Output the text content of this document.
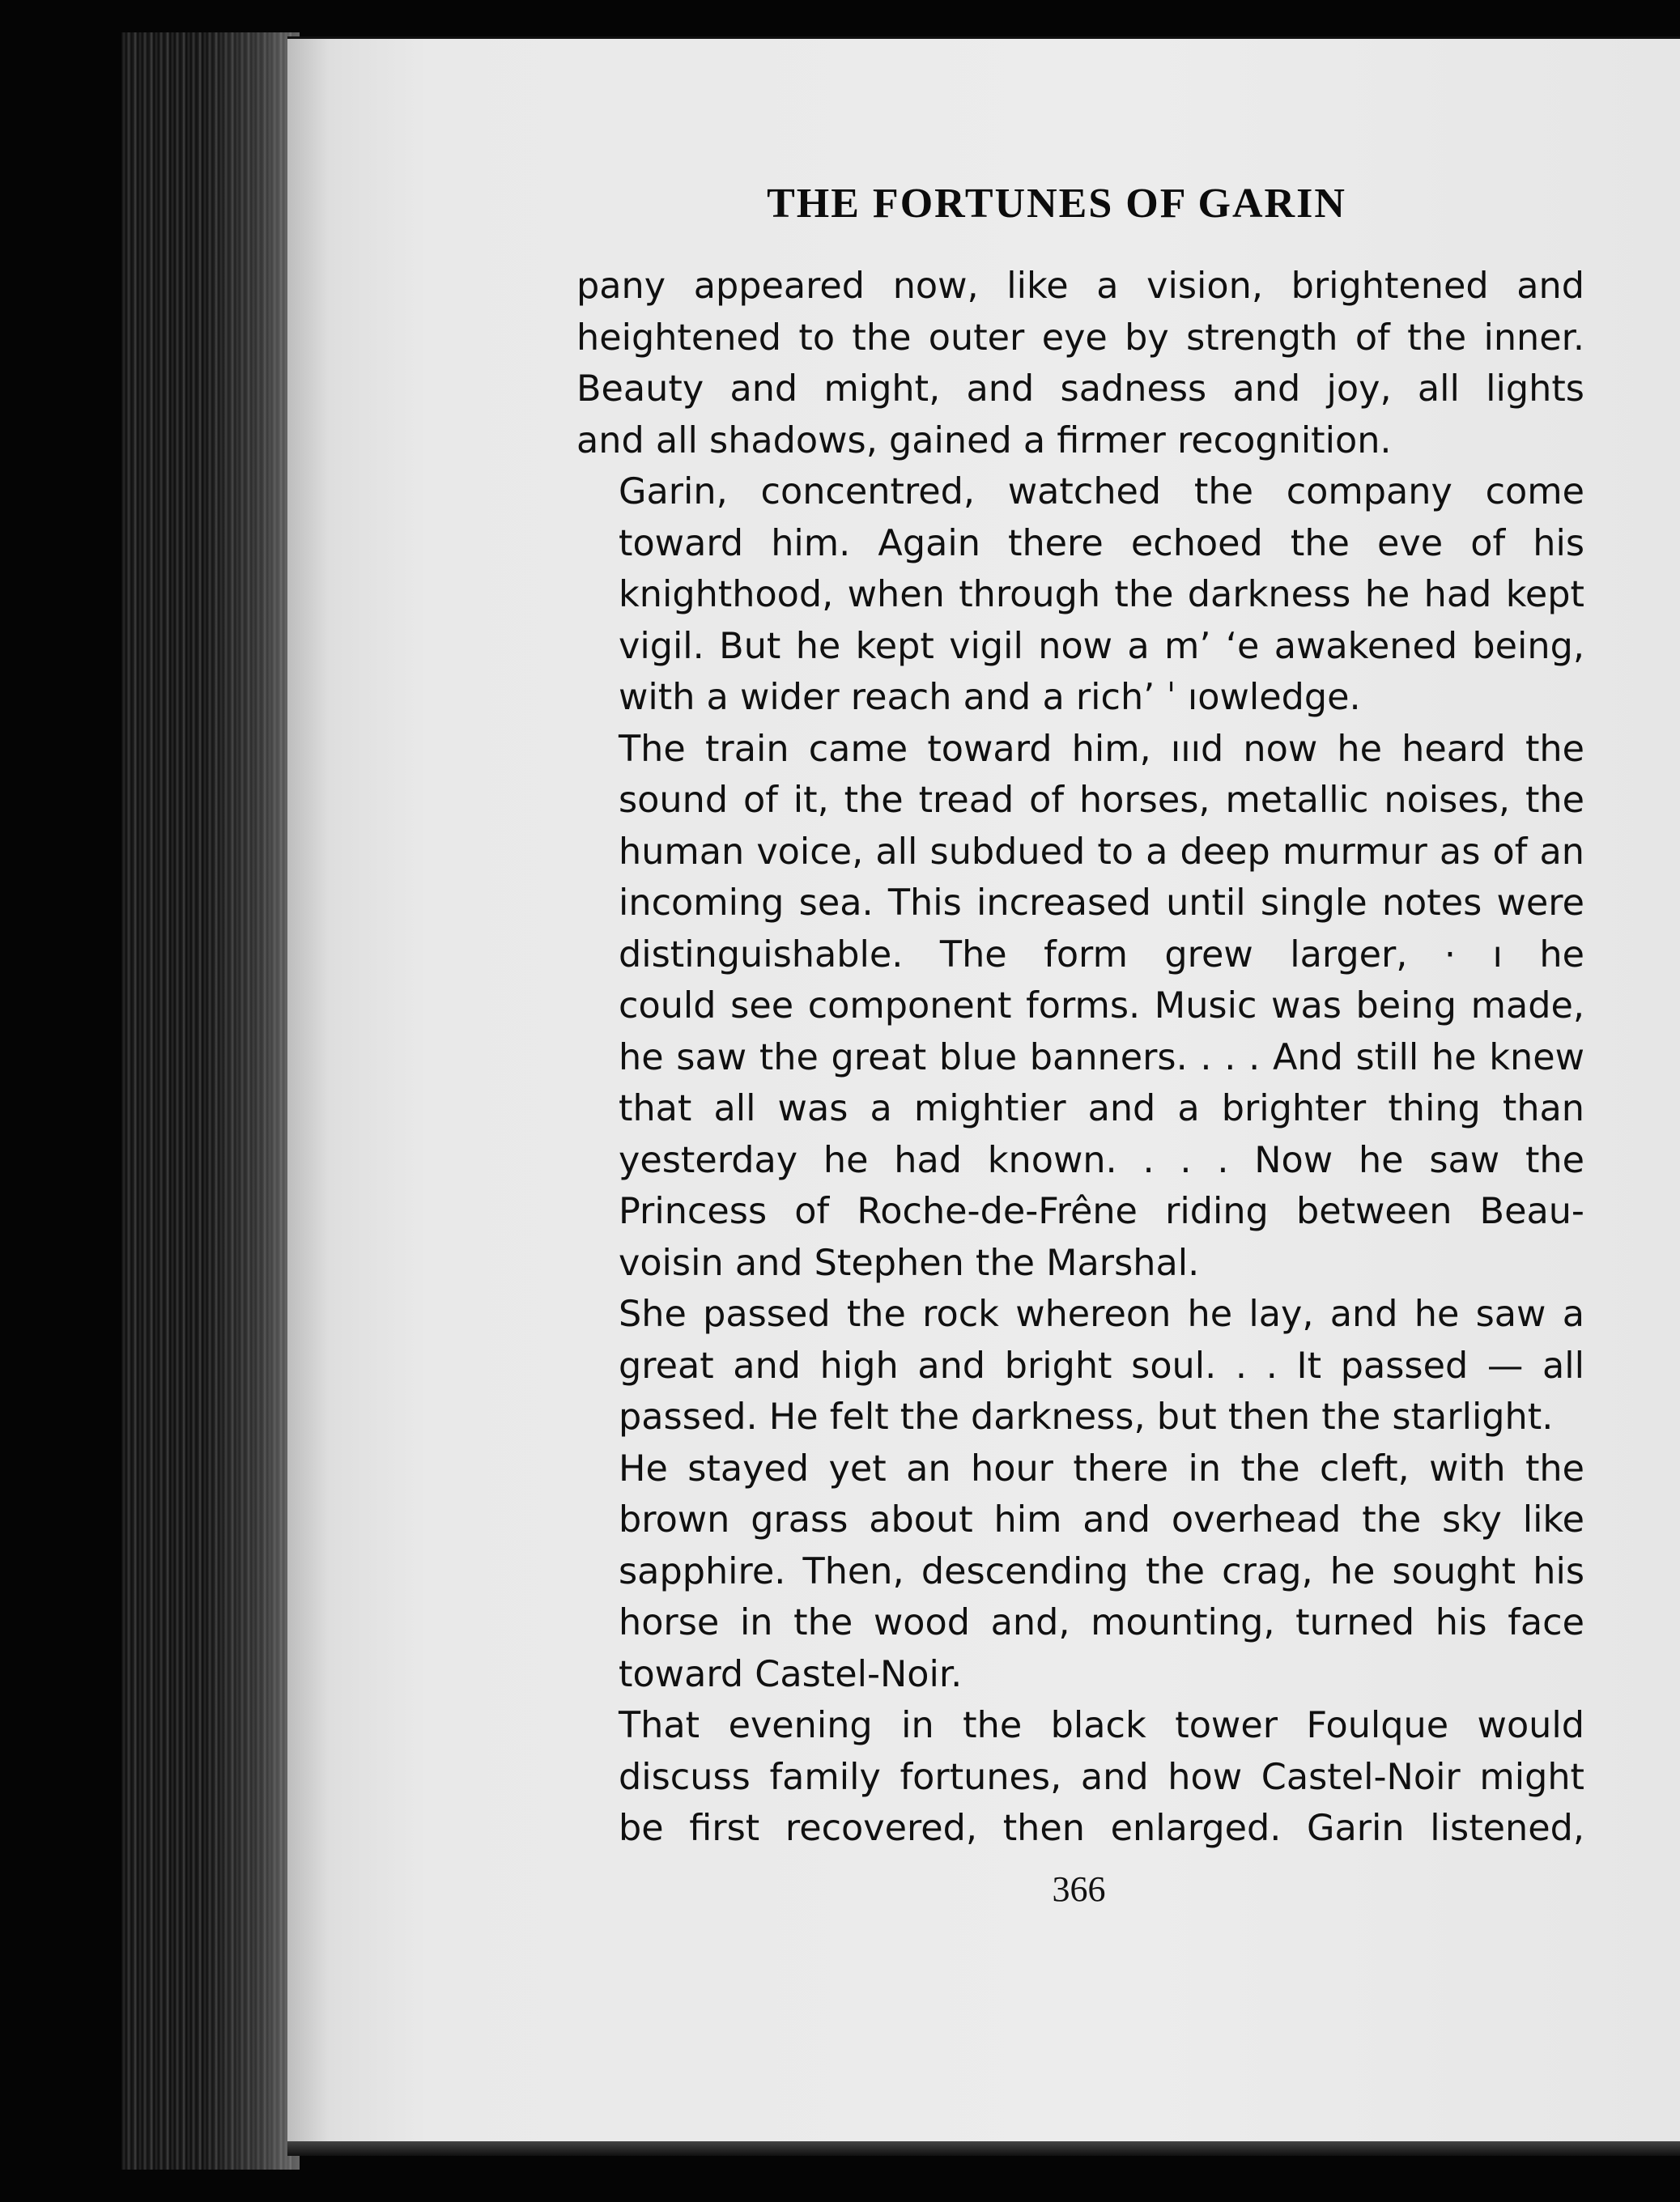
THE FORTUNES OF GARIN

pany appeared now, like a vision, brightened and
heightened to the outer eye by strength of the inner.
Beauty and might, and sadness and joy, all lights
and all shadows, gained a firmer recognition.

Garin, concentred, watched the company come
toward him. Again there echoed the eve of his
knighthood, when through the darkness he had kept
vigil. But he kept vigil now a m’ ‘e awakened being,
with a wider reach and a rich’ ˈ ıowledge.

The train came toward him, ıııd now he heard the
sound of it, the tread of horses, metallic noises, the
human voice, all subdued to a deep murmur as of an
incoming sea. This increased until single notes were
distinguishable. The form grew larger, · ı he
could see component forms. Music was being made,
he saw the great blue banners. . . . And still he knew
that all was a mightier and a brighter thing than
yesterday he had known. . . . Now he saw the
Princess of Roche-de-Frêne riding between Beau-
voisin and Stephen the Marshal.

She passed the rock whereon he lay, and he saw a
great and high and bright soul. . . It passed — all
passed. He felt the darkness, but then the starlight.

He stayed yet an hour there in the cleft, with the
brown grass about him and overhead the sky like
sapphire. Then, descending the crag, he sought his
horse in the wood and, mounting, turned his face
toward Castel-Noir.

That evening in the black tower Foulque would
discuss family fortunes, and how Castel-Noir might
be first recovered, then enlarged. Garin listened,

366
